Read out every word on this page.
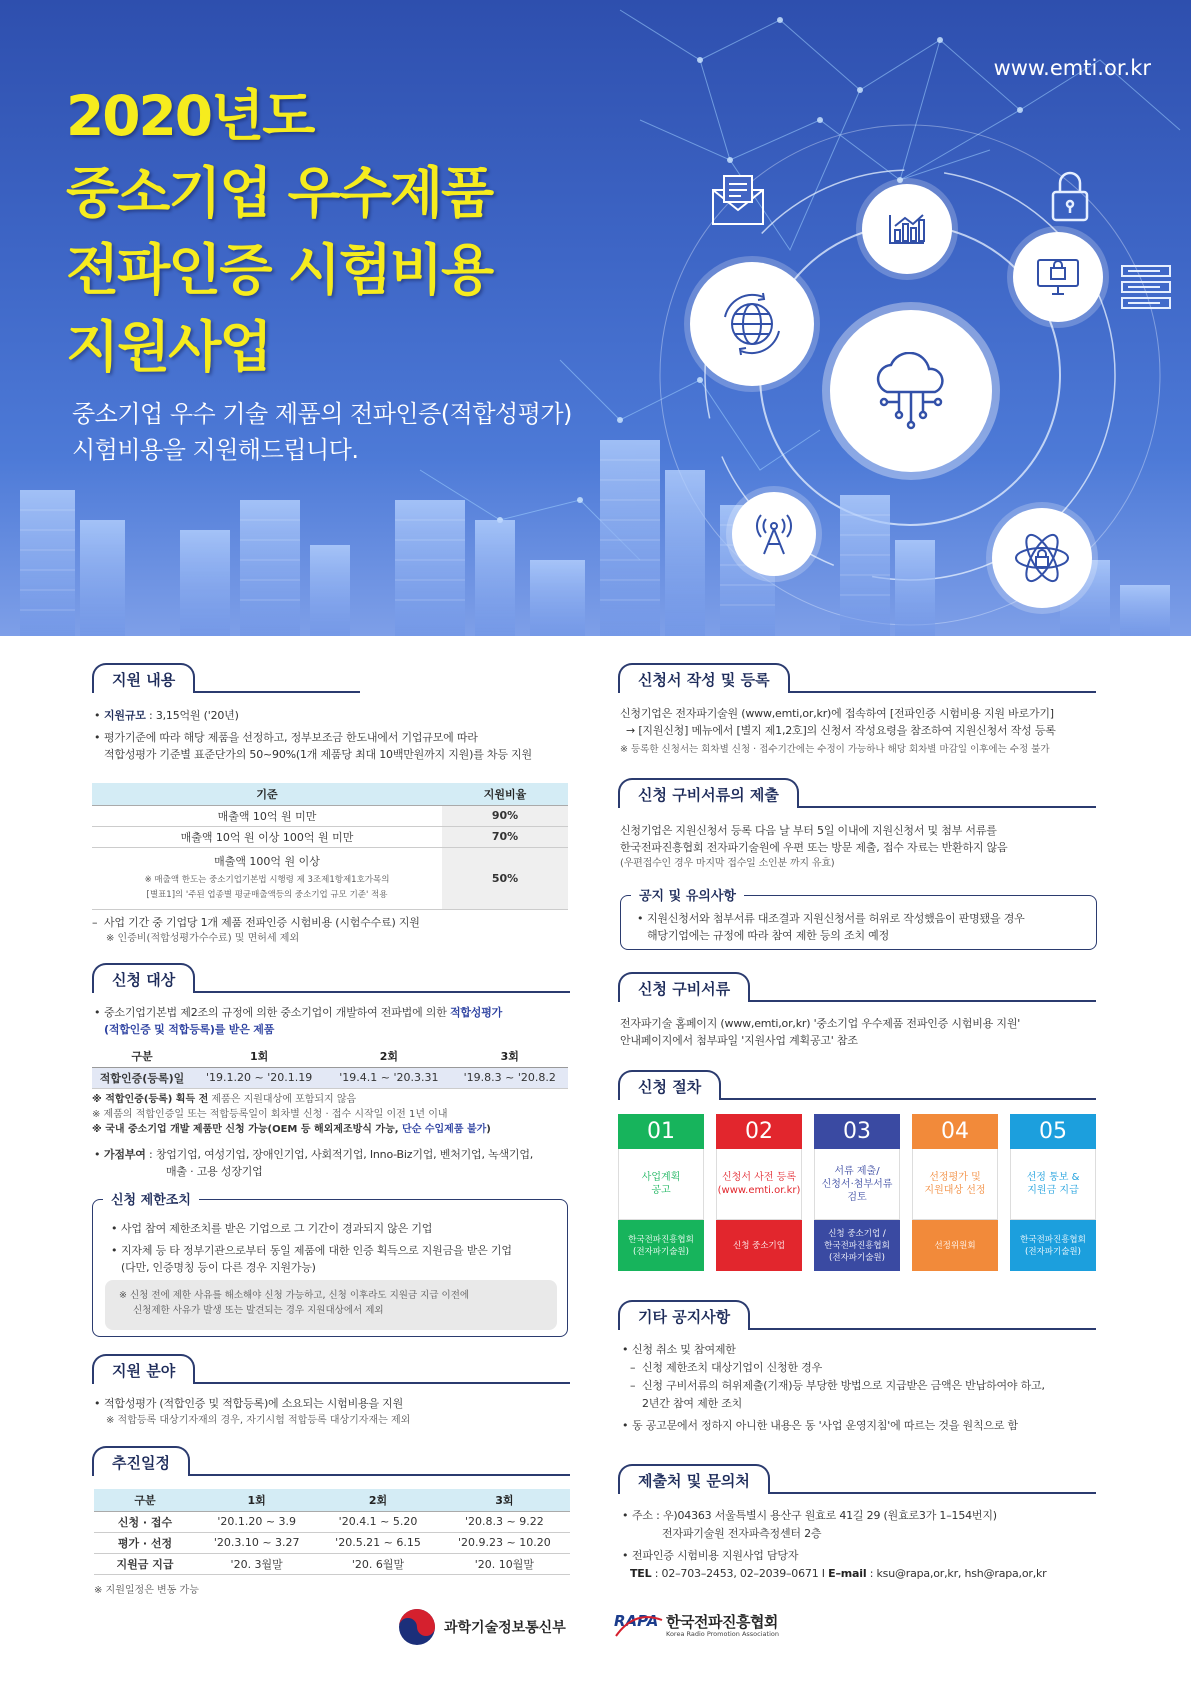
www.emti.or.kr
2020년도
중소기업 우수제품
전파인증 시험비용
지원사업
중소기업 우수 기술 제품의 전파인증(적합성평가)
시험비용을 지원해드립니다.
지원 내용
• 지원규모 : 3,15억원 ('20년)
• 평가기준에 따라 해당 제품을 선정하고, 정부보조금 한도내에서 기업규모에 따라
적합성평가 기준별 표준단가의 50~90%(1개 제품당 최대 10백만원까지 지원)를 차등 지원
기준	지원비율
매출액 10억 원 미만	90%
매출액 10억 원 이상 100억 원 미만	70%

매출액 100억 원 이상
※ 매출액 한도는 중소기업기본법 시행령 제 3조제1항제1호가목의
[별표1]의 '주된 업종별 평균매출액등의 중소기업 규모 기준' 적용	50%
– 사업 기간 중 기업당 1개 제품 전파인증 시험비용 (시험수수료) 지원
※ 인증비(적합성평가수수료) 및 면허세 제외
신청 대상
• 중소기업기본법 제2조의 규정에 의한 중소기업이 개발하여 전파법에 의한 적합성평가
(적합인증 및 적합등록)를 받은 제품
구분	1회	2회	3회
적합인증(등록)일	'19.1.20 ~ '20.1.19	'19.4.1 ~ '20.3.31	'19.8.3 ~ '20.8.2
※ 적합인증(등록) 획득 전 제품은 지원대상에 포함되지 않음
※ 제품의 적합인증일 또는 적합등록일이 회차별 신청 · 접수 시작일 이전 1년 이내
※ 국내 중소기업 개발 제품만 신청 가능(OEM 등 해외제조방식 가능, 단순 수입제품 불가)
• 가점부여 : 창업기업, 여성기업, 장애인기업, 사회적기업, Inno-Biz기업, 벤처기업, 녹색기업,
매출 · 고용 성장기업
신청 제한조치
• 사업 참여 제한조치를 받은 기업으로 그 기간이 경과되지 않은 기업
• 지자체 등 타 정부기관으로부터 동일 제품에 대한 인증 획득으로 지원금을 받은 기업
(다만, 인증명칭 등이 다른 경우 지원가능)
※ 신청 전에 제한 사유를 해소해야 신청 가능하고, 신청 이후라도 지원금 지급 이전에
신청제한 사유가 발생 또는 발견되는 경우 지원대상에서 제외
지원 분야
• 적합성평가 (적합인증 및 적합등록)에 소요되는 시험비용을 지원
※ 적합등록 대상기자재의 경우, 자기시험 적합등록 대상기자재는 제외
추진일정
구분	1회	2회	3회
신청 · 접수	'20.1.20 ~ 3.9	'20.4.1 ~ 5.20	'20.8.3 ~ 9.22
평가 · 선정	'20.3.10 ~ 3.27	'20.5.21 ~ 6.15	'20.9.23 ~ 10.20
지원금 지급	'20. 3월말	'20. 6월말	'20. 10월말
※ 지원일정은 변동 가능
신청서 작성 및 등록
신청기업은 전자파기술원 (www,emti,or,kr)에 접속하여 [전파인증 시험비용 지원 바로가기]
→ [지원신청] 메뉴에서 [별지 제1,2호]의 신청서 작성요령을 참조하여 지원신청서 작성 등록
※ 등록한 신청서는 회차별 신청 · 접수기간에는 수정이 가능하나 해당 회차별 마감일 이후에는 수정 불가
신청 구비서류의 제출
신청기업은 지원신청서 등록 다음 날 부터 5일 이내에 지원신청서 및 첨부 서류를
한국전파진흥협회 전자파기술원에 우편 또는 방문 제출, 접수 자료는 반환하지 않음
(우편접수인 경우 마지막 접수일 소인분 까지 유효)
공지 및 유의사항
• 지원신청서와 첨부서류 대조결과 지원신청서를 허위로 작성했음이 판명됐을 경우
해당기업에는 규정에 따라 참여 제한 등의 조치 예정
신청 구비서류
전자파기술 홈페이지 (www,emti,or,kr) '중소기업 우수제품 전파인증 시험비용 지원'
안내페이지에서 첨부파일 '지원사업 계획공고' 참조
신청 절차
01
사업계획
공고
한국전파진흥협회
(전자파기술원)
02
신청서 사전 등록
(www.emti.or.kr)
신청 중소기업
03
서류 제출/
신청서·첨부서류
검토
신청 중소기업 /
한국전파진흥협회
(전자파기술원)
04
선정평가 및
지원대상 선정
선정위원회
05
선정 통보 &
지원금 지급
한국전파진흥협회
(전자파기술원)
기타 공지사항
• 신청 취소 및 참여제한
– 신청 제한조치 대상기업이 신청한 경우
– 신청 구비서류의 허위제출(기재)등 부당한 방법으로 지급받은 금액은 반납하여야 하고,
2년간 참여 제한 조치
• 동 공고문에서 정하지 아니한 내용은 동 '사업 운영지침'에 따르는 것을 원칙으로 함
제출처 및 문의처
• 주소 : 우)04363 서울특별시 용산구 원효로 41길 29 (원효로3가 1–154번지)
전자파기술원 전자파측정센터 2층
• 전파인증 시험비용 지원사업 담당자
TEL : 02–703–2453, 02–2039–0671 I E–mail : ksu@rapa,or,kr, hsh@rapa,or,kr
과학기술정보통신부	RAPA 한국전파진흥협회
Korea Radio Promotion Association
